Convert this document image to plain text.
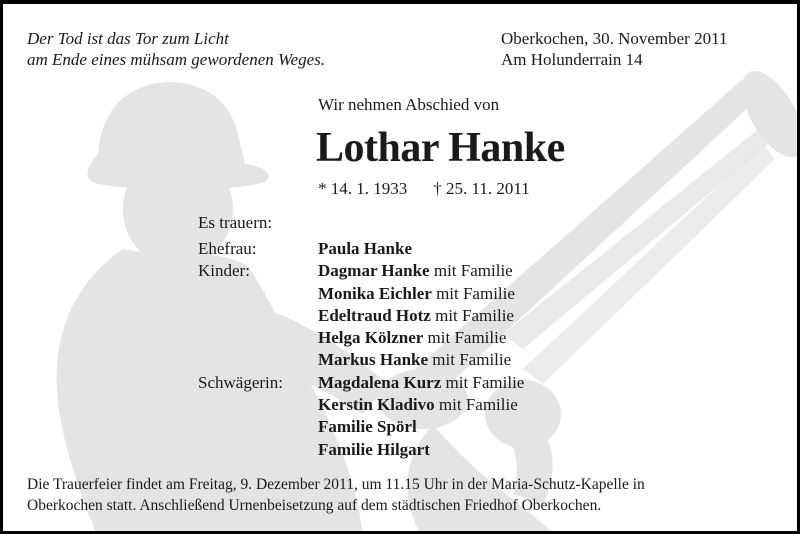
Der Tod ist das Tor zum Licht
am Ende eines mühsam gewordenen Weges.
Oberkochen, 30. November 2011
Am Holunderrain 14
Wir nehmen Abschied von
Lothar Hanke
* 14. 1. 1933 † 25. 11. 2011
Es trauern:
Ehefrau:	Paula Hanke
Kinder:	Dagmar Hanke mit Familie
Monika Eichler mit Familie
Edeltraud Hotz mit Familie
Helga Kölzner mit Familie
Markus Hanke mit Familie
Schwägerin:	Magdalena Kurz mit Familie
Kerstin Kladivo mit Familie
Familie Spörl
Familie Hilgart
Die Trauerfeier findet am Freitag, 9. Dezember 2011, um 11.15 Uhr in der Maria-Schutz-Kapelle in
Oberkochen statt. Anschließend Urnenbeisetzung auf dem städtischen Friedhof Oberkochen.
